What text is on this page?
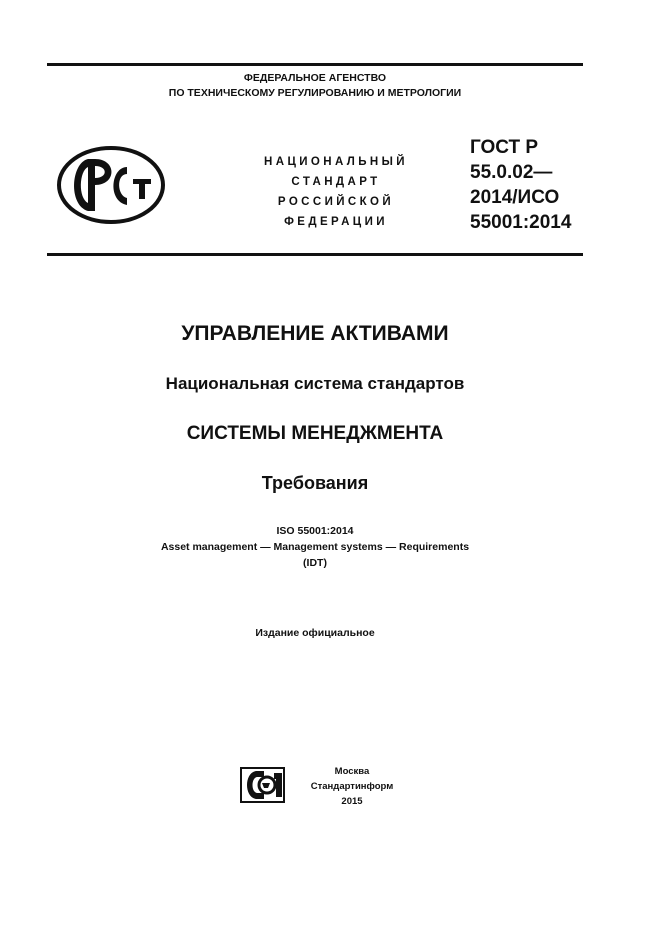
ФЕДЕРАЛЬНОЕ АГЕНСТВО
ПО ТЕХНИЧЕСКОМУ РЕГУЛИРОВАНИЮ И МЕТРОЛОГИИ
РСТ
НАЦИОНАЛЬНЫЙ
СТАНДАРТ
РОССИЙСКОЙ
ФЕДЕРАЦИИ
ГОСТ Р
55.0.02—
2014/ИСО
55001:2014
УПРАВЛЕНИЕ АКТИВАМИ
Национальная система стандартов
СИСТЕМЫ МЕНЕДЖМЕНТА
Требования
ISO 55001:2014
Asset management — Management systems — Requirements
(IDT)
Издание официальное
Москва
Стандартинформ
2015
